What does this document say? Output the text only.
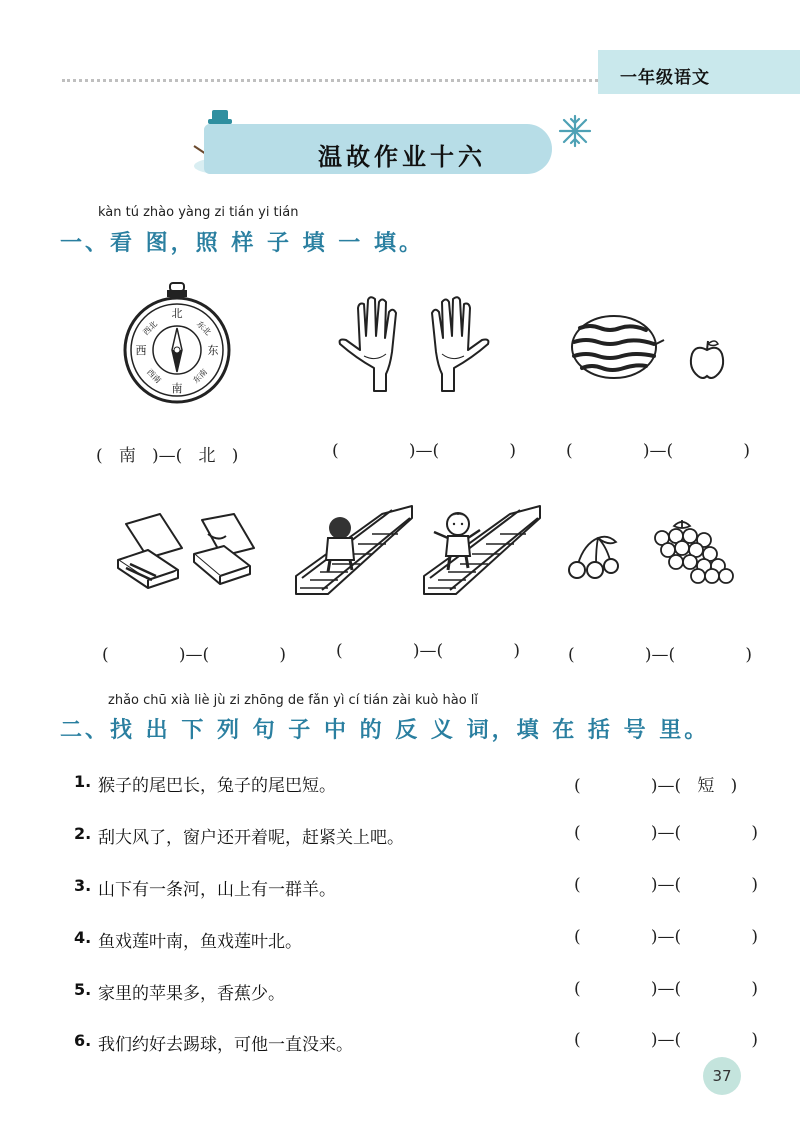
一年级语文
温故作业十六
kàn tú zhào yàng zi tián yi tián
一、看 图，照 样 子 填 一 填。
北
东北
东
东南
南
西南
西
西北
(   南   )—(   北   )	(             )—(             )	(             )—(             )
(             )—(             )	(             )—(             )	(             )—(             )
zhǎo chū xià liè jù zi zhōng de fǎn yì cí tián zài kuò hào lǐ
二、找 出 下 列 句 子 中 的 反 义 词，填 在 括 号 里。
1. 猴子的尾巴长，兔子的尾巴短。	(             )—(   短   )
2. 刮大风了，窗户还开着呢，赶紧关上吧。	(             )—(             )
3. 山下有一条河，山上有一群羊。	(             )—(             )
4. 鱼戏莲叶南，鱼戏莲叶北。	(             )—(             )
5. 家里的苹果多，香蕉少。	(             )—(             )
6. 我们约好去踢球，可他一直没来。	(             )—(             )
37
